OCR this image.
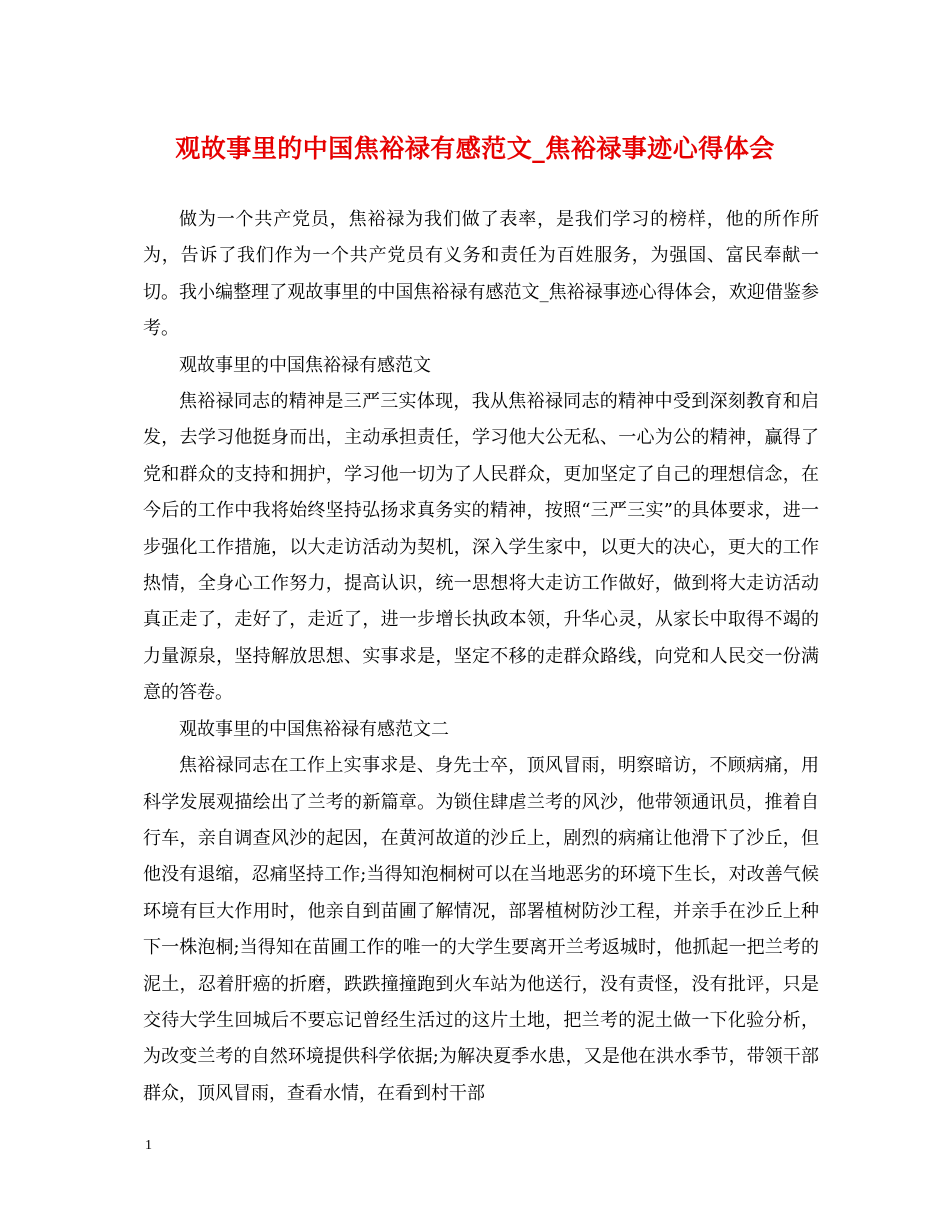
观故事里的中国焦裕禄有感范文_焦裕禄事迹心得体会

做为一个共产党员，焦裕禄为我们做了表率，是我们学习的榜样，他的所作所为，告诉了我们作为一个共产党员有义务和责任为百姓服务，为强国、富民奉献一切。我小编整理了观故事里的中国焦裕禄有感范文_焦裕禄事迹心得体会，欢迎借鉴参考。

观故事里的中国焦裕禄有感范文

焦裕禄同志的精神是三严三实体现，我从焦裕禄同志的精神中受到深刻教育和启发，去学习他挺身而出，主动承担责任，学习他大公无私、一心为公的精神，赢得了党和群众的支持和拥护，学习他一切为了人民群众，更加坚定了自己的理想信念，在今后的工作中我将始终坚持弘扬求真务实的精神，按照“三严三实”的具体要求，进一步强化工作措施，以大走访活动为契机，深入学生家中，以更大的决心，更大的工作热情，全身心工作努力，提高认识，统一思想将大走访工作做好，做到将大走访活动真正走了，走好了，走近了，进一步增长执政本领，升华心灵，从家长中取得不竭的力量源泉，坚持解放思想、实事求是，坚定不移的走群众路线，向党和人民交一份满意的答卷。

观故事里的中国焦裕禄有感范文二

焦裕禄同志在工作上实事求是、身先士卒，顶风冒雨，明察暗访，不顾病痛，用科学发展观描绘出了兰考的新篇章。为锁住肆虐兰考的风沙，他带领通讯员，推着自行车，亲自调查风沙的起因，在黄河故道的沙丘上，剧烈的病痛让他滑下了沙丘，但他没有退缩，忍痛坚持工作;当得知泡桐树可以在当地恶劣的环境下生长，对改善气候环境有巨大作用时，他亲自到苗圃了解情况，部署植树防沙工程，并亲手在沙丘上种下一株泡桐;当得知在苗圃工作的唯一的大学生要离开兰考返城时，他抓起一把兰考的泥土，忍着肝癌的折磨，跌跌撞撞跑到火车站为他送行，没有责怪，没有批评，只是交待大学生回城后不要忘记曾经生活过的这片土地，把兰考的泥土做一下化验分析，为改变兰考的自然环境提供科学依据;为解决夏季水患，又是他在洪水季节，带领干部群众，顶风冒雨，查看水情，在看到村干部

1
